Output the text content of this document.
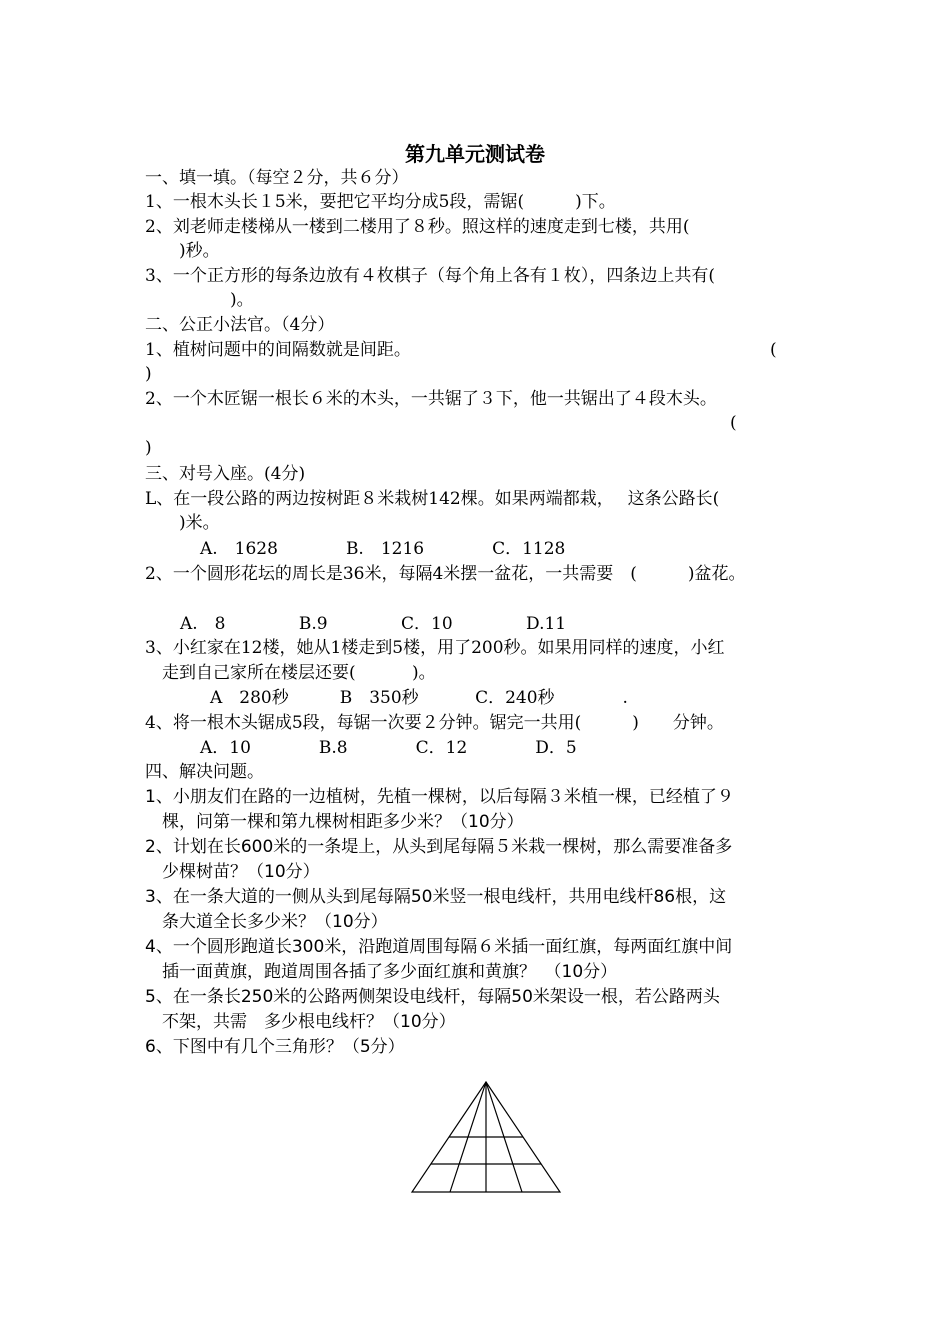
第九单元测试卷
一、填一填。（每空２分，共６分）
1、一根木头长１5米，要把它平均分成5段，需锯(　　　)下。
2、刘老师走楼梯从一楼到二楼用了８秒。照这样的速度走到七楼，共用(
　　)秒。
3、一个正方形的每条边放有４枚棋子（每个角上各有１枚），四条边上共有(
　　　　　)。
二、公正小法官。（4分）
1、植树问题中的间隔数就是间距。	(
)
2、一个木匠锯一根长６米的木头，一共锯了３下，他一共锯出了４段木头。
(
)
三、对号入座。(4分)
L、在一段公路的两边按树距８米栽树142棵。如果两端都栽，　 这条公路长(
　　)米。
A.　1628　　　　B.　1216　　　　C．1128
2、一个圆形花坛的周长是36米，每隔4米摆一盆花，一共需要　(　　　)盆花。
A.　8　　　　 B.9　　　　 C．10　　　　 D.11
3、小红家在12楼，她从1楼走到5楼，用了200秒。如果用同样的速度，小红
　走到自己家所在楼层还要(　　　 )。
A　280秒　　　B　350秒　　　 C．240秒　　　　.
4、将一根木头锯成5段，每锯一次要２分钟。锯完一共用(　　　)　　分钟。
A．10　　　　B.8　　　　C．12　　　　D．5
四、解决问题。
1、小朋友们在路的一边植树，先植一棵树，以后每隔３米植一棵，已经植了９
　棵，问第一棵和第九棵树相距多少米？（10分）
2、计划在长600米的一条堤上，从头到尾每隔５米栽一棵树，那么需要准备多
　少棵树苗？（10分）
3、在一条大道的一侧从头到尾每隔50米竖一根电线杆，共用电线杆86根，这
　条大道全长多少米？（10分）
4、一个圆形跑道长300米，沿跑道周围每隔６米插一面红旗，每两面红旗中间
　插一面黄旗，跑道周围各插了多少面红旗和黄旗？　（10分）
5、在一条长250米的公路两侧架设电线杆，每隔50米架设一根，若公路两头
　不架，共需　多少根电线杆？（10分）
6、下图中有几个三角形？（5分）
